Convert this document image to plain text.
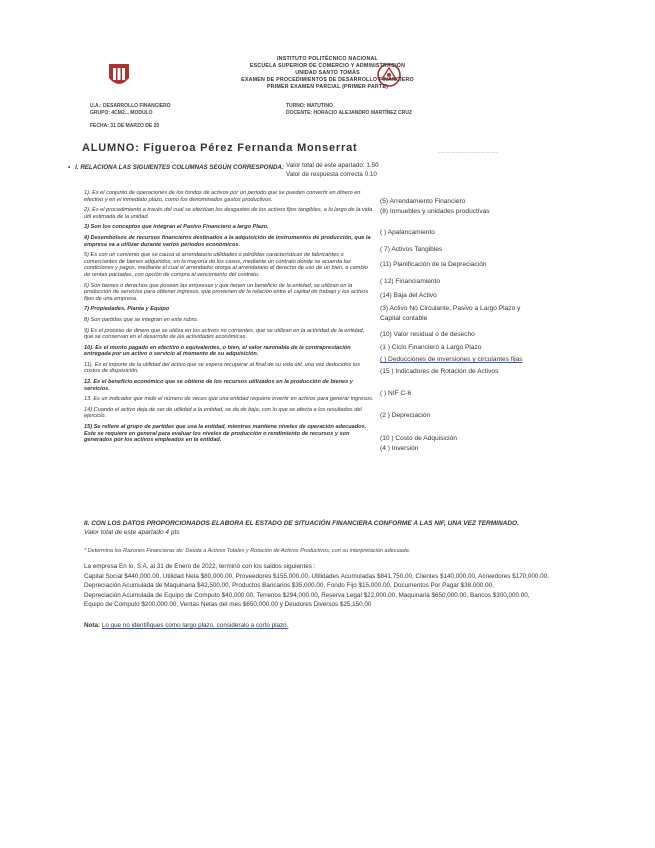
INSTITUTO POLITÉCNICO NACIONAL
ESCUELA SUPERIOR DE COMERCIO Y ADMINISTRACIÓN
UNIDAD SANTO TOMÁS
EXAMEN DE PROCEDIMIENTOS DE DESARROLLO FINANCIERO
PRIMER EXAMEN PARCIAL (PRIMER PARTE)
U.A.: DESARROLLO FINANCIERO
GRUPO: 4CM2... MODULO
TURNO: MATUTINO
DOCENTE: HORACIO ALEJANDRO MARTÍNEZ CRUZ
FECHA: 31 DE MARZO DE 20
ALUMNO: Figueroa Pérez Fernanda Monserrat	................................................
• I. RELACIONA LAS SIGUIENTES COLUMNAS SEGÚN CORRESPONDA: Valor total de este apartado: 1.50
Valor de respuesta correcta 0.10
1). Es el conjunto de operaciones de los fondos de activos por un periodo que se pueden convertir en dinero en efectivo y en el inmediato plazo, como los denominados gastos productivos.
2). Es el procedimiento a través del cual se efectúan los desgastes de los activos fijos tangibles, a lo largo de la vida útil estimada de la unidad.
3) Son los conceptos que integran el Pasivo Financiero a largo Plazo.
4) Desembolsos de recursos financieros destinados a la adquisición de instrumentos de producción, que la empresa va a utilizar durante varios periodos económicos.
5) Es con un convenio que se causa al arrendatario utilidades o pérdidas características de fabricantes o comerciantes de bienes adquiridos, en la mayoría de los casos, mediante un contrato donde se acuerda las condiciones y pagos, mediante el cual el arrendador otorga al arrendatario el derecho de uso de un bien, a cambio de rentas pactadas, con opción de compra al vencimiento del contrato.
6) Son bienes o derechos que poseen las empresas y que tienen un beneficio de la entidad, se utilizan en la producción de servicios para obtener ingresos, que provienen de la relación entre el capital de trabajo y los activos fijos de una empresa.
7) Propiedades, Planta y Equipo
8) Son partidas que se integran en este rubro.
9) Es el proceso de dinero que se utiliza en los activos no corrientes, que se utilizan en la actividad de la entidad, que se conservan en el desarrollo de las actividades económicas.
10). Es el monto pagado en efectivo o equivalentes, o bien, el valor razonable de la contraprestación entregada por un activo o servicio al momento de su adquisición.
11). Es el importe de la utilidad del activo que se espera recuperar al final de su vida útil, una vez deducidos los costos de disposición.
12. Es el beneficio económico que se obtiene de los recursos utilizados en la producción de bienes y servicios.
13. Es un indicador que mide el número de veces que una entidad requiere invertir en activos para generar ingresos.
14) Cuando el activo deja de ser de utilidad a la entidad, se da de baja, con lo que se afecta a los resultados del ejercicio.
15) Se refiere al grupo de partidas que usa la entidad, mientras mantiene niveles de operación adecuados. Este se requiere en general para evaluar los niveles de producción o rendimiento de recursos y son generados por los activos empleados en la entidad.
(5) Arrendamiento Financiero
(8) Inmuebles y unidades productivas
( ) Apalancamiento
( 7) Activos Tangibles
(11) Planificación de la Depreciación
( 12) Financiamiento
(14) Baja del Activo
(3) Activo No Circulante, Pasivo a Largo Plazo y
Capital contable
(10) Valor residual o de desecho
(1 ) Ciclo Financiero a Largo Plazo
( ) Deducciones de inversiones y circulantes fijas
(15 ) Indicadores de Rotación de Activos
( ) NIF C-6
(2 ) Depreciación
(10 ) Costo de Adquisición
(4 ) Inversión
II. CON LOS DATOS PROPORCIONADOS ELABORA EL ESTADO DE SITUACIÓN FINANCIERA CONFORME A LAS NIF, UNA VEZ TERMINADO.
Valor total de este apartado 4 pts
* Determina los Razones Financieras de: Deuda a Activos Totales y Rotación de Activos Productivos, con su interpretación adecuada.
La empresa En lo, S A, al 31 de Enero de 2022, terminó con los saldos siguientes :
Capital Social $440,000.00, Utilidad Neta $80,000.00, Proveedores $155,000.00, Utilidades Acumuladas $841,750.00, Clientes $140,000.00, Acreedores $170,000.00,
Depreciación Acumulada de Maquinaria $42,500.00, Productos Bancarios $35,000.00, Fondo Fijo $15,000.00, Documentos Por Pagar $38,000.00,
Depreciación Acumulada de Equipo de Computo $40,000.00, Terrenos $294,000.00, Reserva Legal $22,000.00, Maquinaria $650,000.00, Bancos $300,000.00,
Equipo de Computo $200,000.00, Ventas Netas del mes $650,000.00 y Deudores Diversos $25,150.00
Nota: Lo que no identifiques como largo plazo, consideralo a corto plazo.
